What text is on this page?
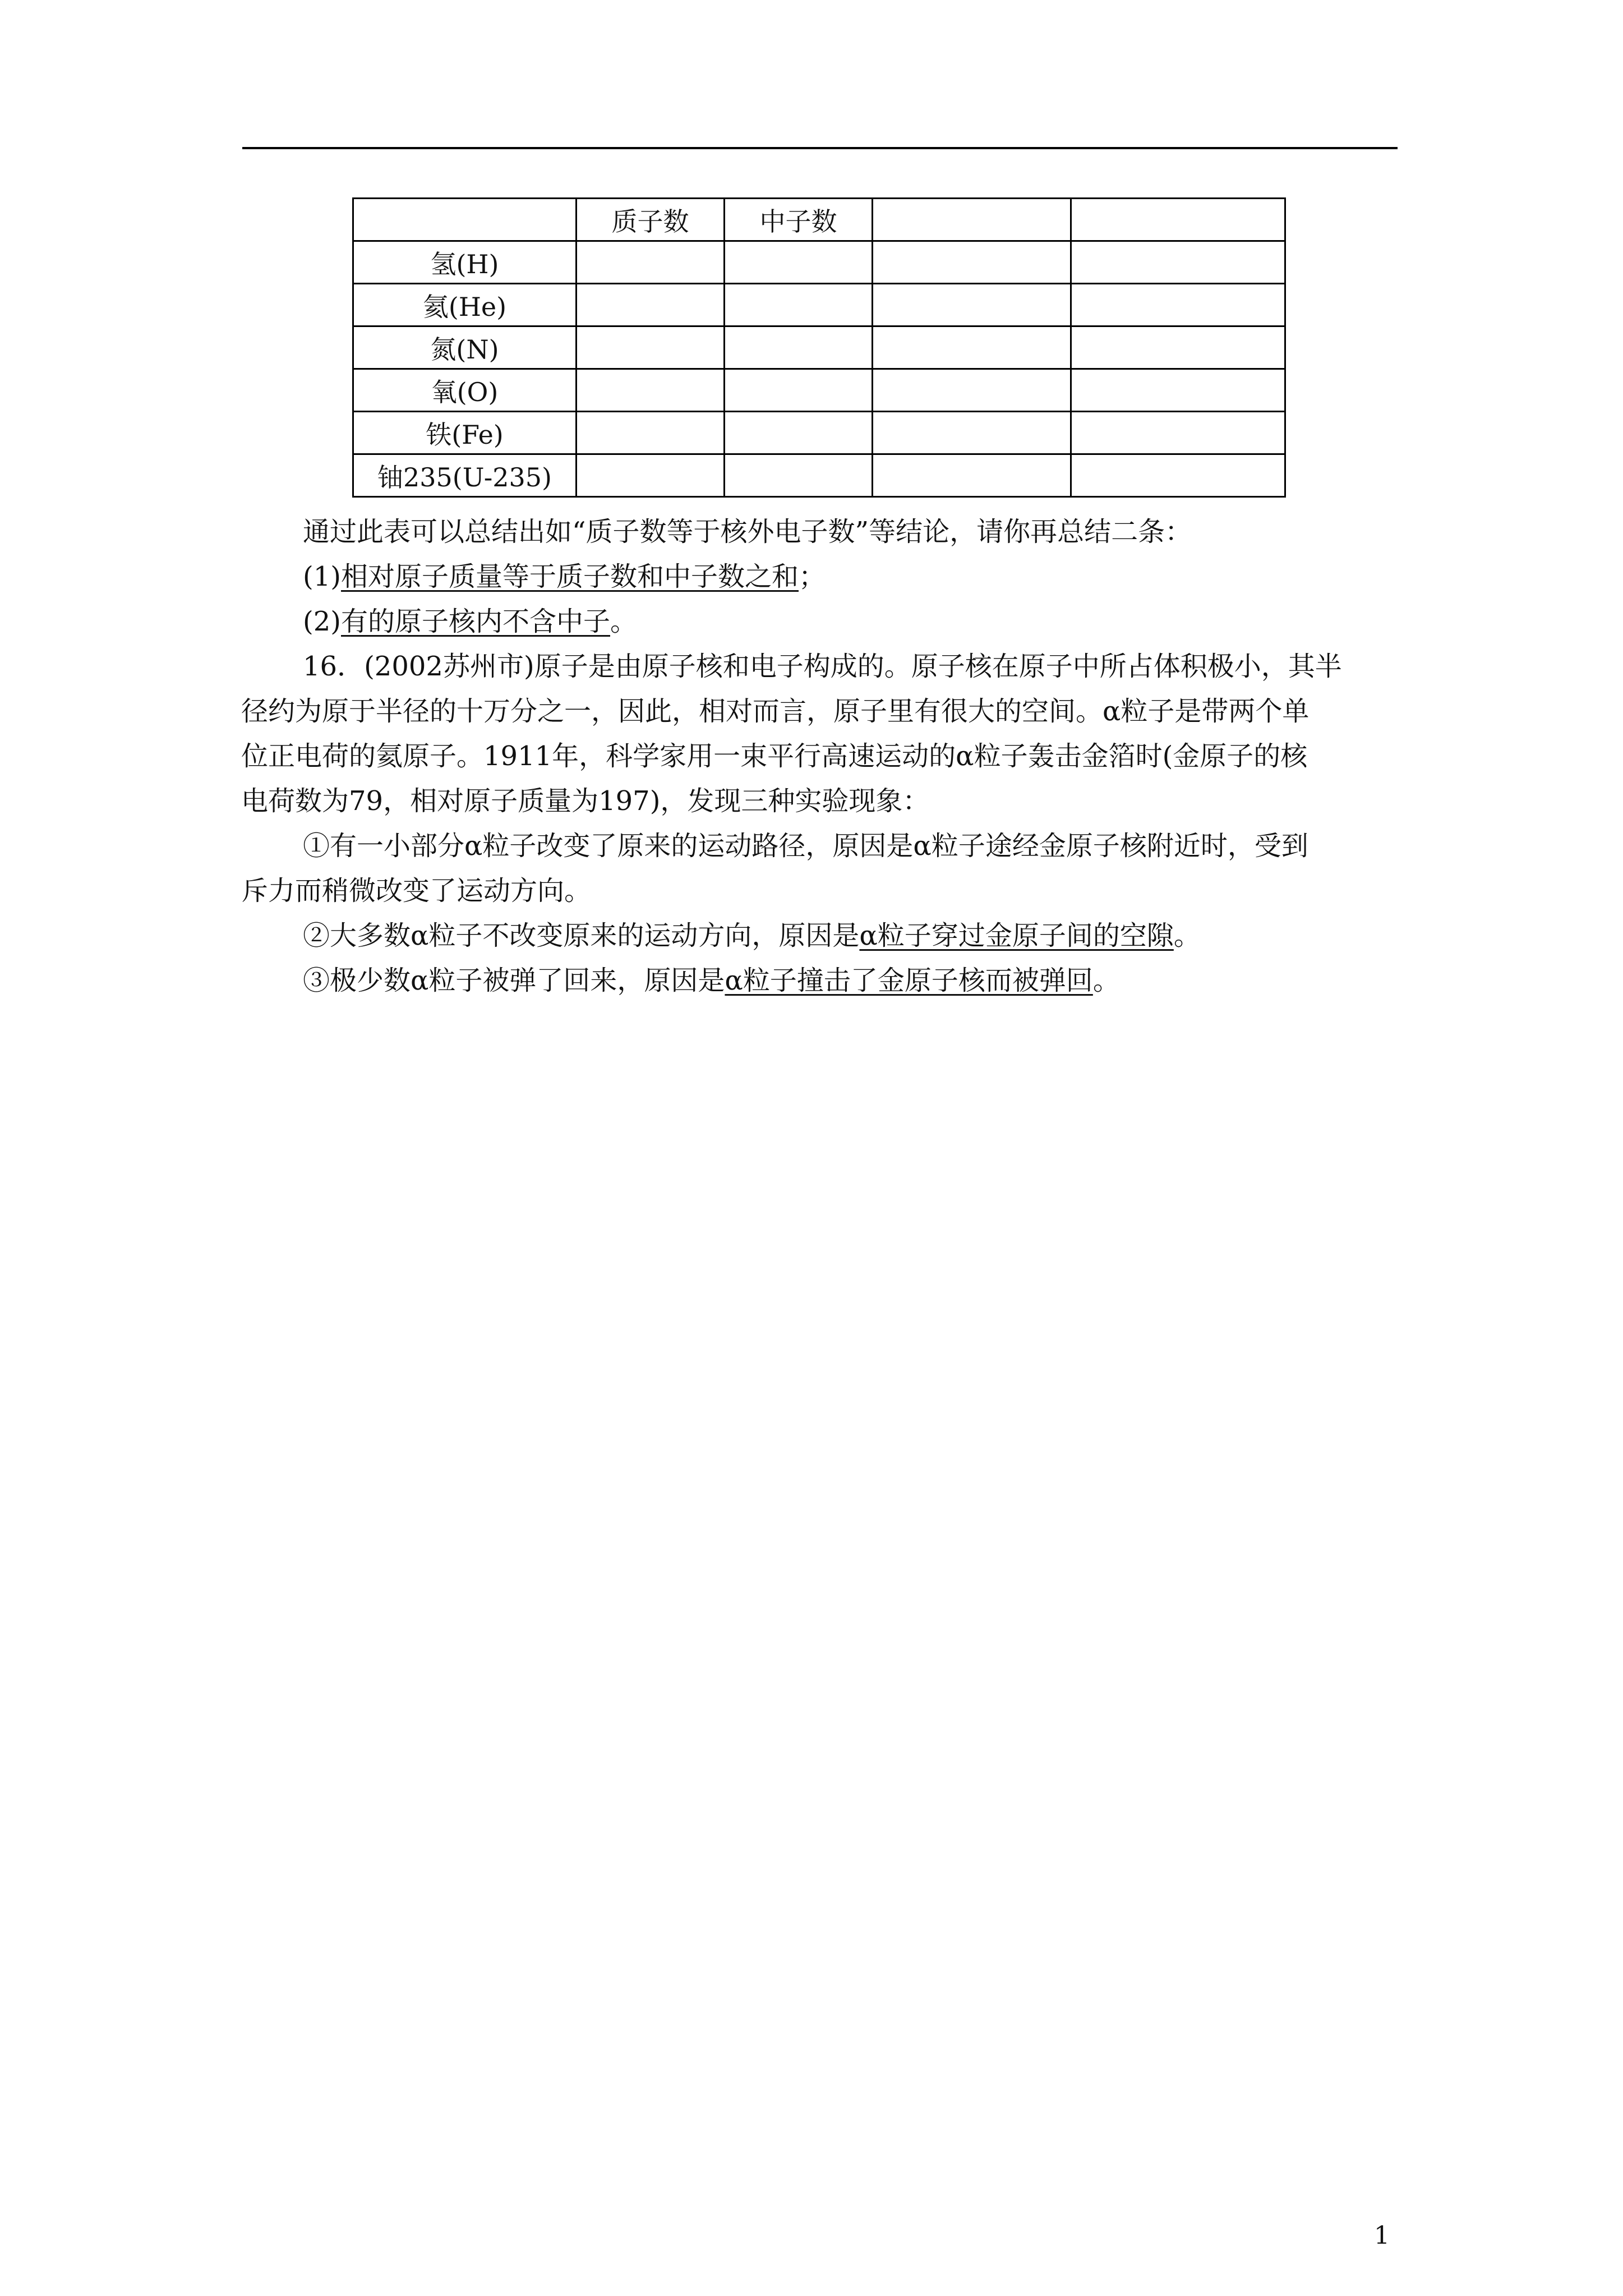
	质子数	中子数		
氢(H)				
氦(He)				
氮(N)				
氧(O)				
铁(Fe)				
铀235(U-235)				

通过此表可以总结出如“质子数等于核外电子数”等结论，请你再总结二条：

(1)相对原子质量等于质子数和中子数之和；

(2)有的原子核内不含中子。

16．(2002苏州市)原子是由原子核和电子构成的。原子核在原子中所占体积极小，其半

径约为原于半径的十万分之一，因此，相对而言，原子里有很大的空间。α粒子是带两个单

位正电荷的氦原子。1911年，科学家用一束平行高速运动的α粒子轰击金箔时(金原子的核

电荷数为79，相对原子质量为197)，发现三种实验现象：

①有一小部分α粒子改变了原来的运动路径，原因是α粒子途经金原子核附近时，受到

斥力而稍微改变了运动方向。

②大多数α粒子不改变原来的运动方向，原因是α粒子穿过金原子间的空隙。

③极少数α粒子被弹了回来，原因是α粒子撞击了金原子核而被弹回。

1
